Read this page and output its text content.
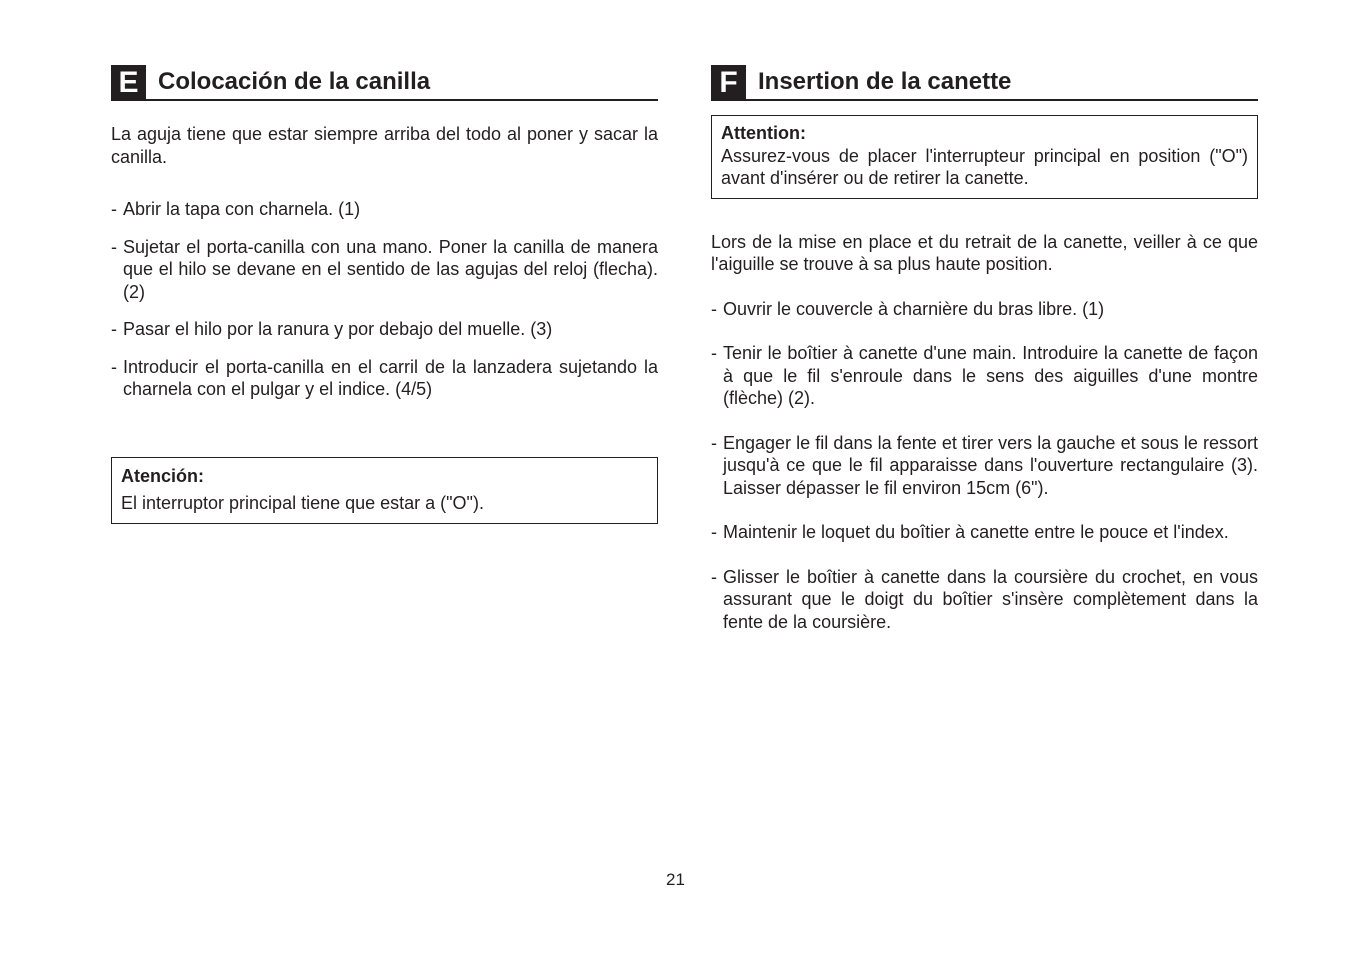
E Colocación de la canilla

La aguja tiene que estar siempre arriba del todo al poner y sacar la canilla.

- Abrir la tapa con charnela. (1)
- Sujetar el porta-canilla con una mano. Poner la canilla de manera que el hilo se devane en el sentido de las agujas del reloj (flecha). (2)
- Pasar el hilo por la ranura y por debajo del muelle. (3)
- Introducir el porta-canilla en el carril de la lanzadera sujetando la charnela con el pulgar y el indice. (4/5)
Atención:
El interruptor principal tiene que estar a ("O").
F Insertion de la canette
Attention:
Assurez-vous de placer l'interrupteur principal en position ("O") avant d'insérer ou de retirer la canette.

Lors de la mise en place et du retrait de la canette, veiller à ce que l'aiguille se trouve à sa plus haute position.

- Ouvrir le couvercle à charnière du bras libre. (1)
- Tenir le boîtier à canette d'une main. Introduire la canette de façon à que le fil s'enroule dans le sens des aiguilles d'une montre (flèche) (2).
- Engager le fil dans la fente et tirer vers la gauche et sous le ressort jusqu'à ce que le fil apparaisse dans l'ouverture rectangulaire (3). Laisser dépasser le fil environ 15cm (6").
- Maintenir le loquet du boîtier à canette entre le pouce et l'index.
- Glisser le boîtier à canette dans la coursière du crochet, en vous assurant que le doigt du boîtier s'insère complètement dans la fente de la coursière.
21
